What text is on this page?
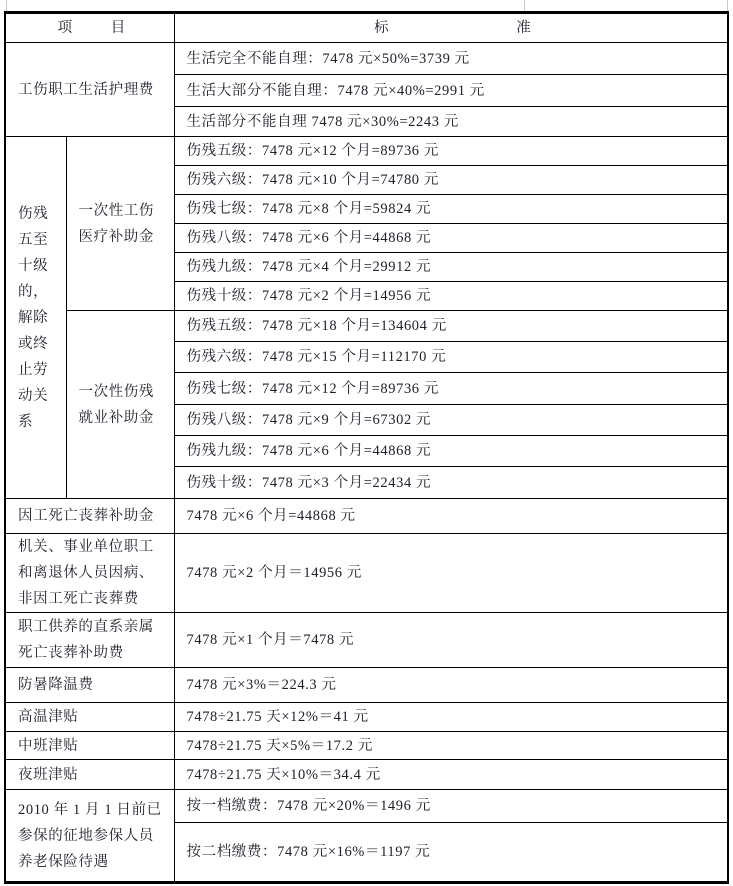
项 目		标 准

工伤职工生活护理费		生活完全不能自理：7478 元×50%=3739 元
		生活大部分不能自理：7478 元×40%=2991 元
		生活部分不能自理 7478 元×30%=2243 元
伤残五至十级的，解除或终止劳动关系	一次性工伤医疗补助金	伤残五级：7478 元×12 个月=89736 元
		伤残六级：7478 元×10 个月=74780 元
		伤残七级：7478 元×8 个月=59824 元
		伤残八级：7478 元×6 个月=44868 元
		伤残九级：7478 元×4 个月=29912 元
		伤残十级：7478 元×2 个月=14956 元
	一次性伤残就业补助金	伤残五级：7478 元×18 个月=134604 元
		伤残六级：7478 元×15 个月=112170 元
		伤残七级：7478 元×12 个月=89736 元
		伤残八级：7478 元×9 个月=67302 元
		伤残九级：7478 元×6 个月=44868 元
		伤残十级：7478 元×3 个月=22434 元
因工死亡丧葬补助金		7478 元×6 个月=44868 元
机关、事业单位职工和离退休人员因病、非因工死亡丧葬费		7478 元×2 个月＝14956 元
职工供养的直系亲属死亡丧葬补助费		7478 元×1 个月＝7478 元
防暑降温费		7478 元×3%＝224.3 元
高温津贴		7478÷21.75 天×12%＝41 元
中班津贴		7478÷21.75 天×5%＝17.2 元
夜班津贴		7478÷21.75 天×10%＝34.4 元
2010 年 1 月 1 日前已参保的征地参保人员养老保险待遇		按一档缴费：7478 元×20%＝1496 元
		按二档缴费：7478 元×16%＝1197 元
